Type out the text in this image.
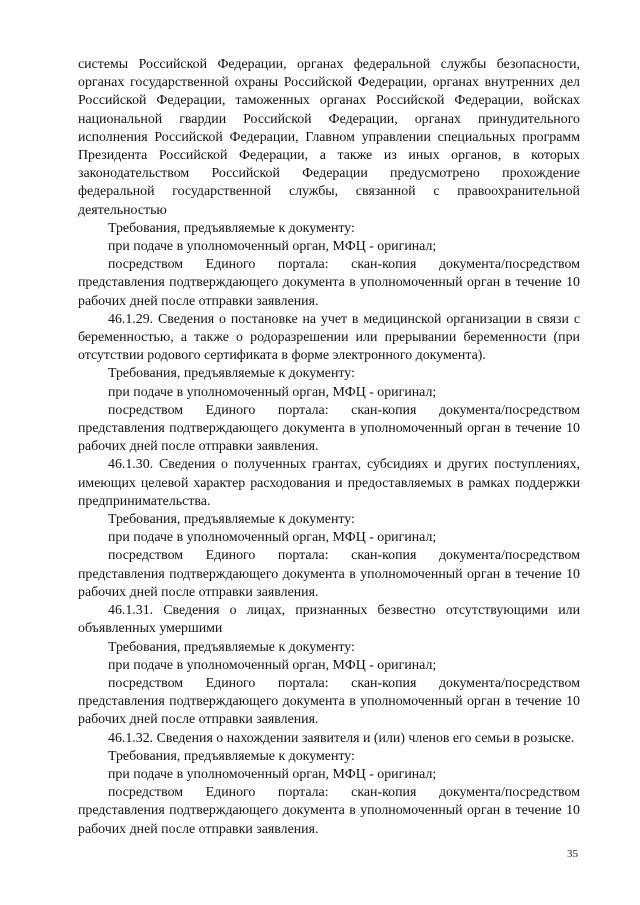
системы Российской Федерации, органах федеральной службы безопасности, органах государственной охраны Российской Федерации, органах внутренних дел Российской Федерации, таможенных органах Российской Федерации, войсках национальной гвардии Российской Федерации, органах принудительного исполнения Российской Федерации, Главном управлении специальных программ Президента Российской Федерации, а также из иных органов, в которых законодательством Российской Федерации предусмотрено прохождение федеральной государственной службы, связанной с правоохранительной деятельностью

Требования, предъявляемые к документу:

при подаче в уполномоченный орган, МФЦ - оригинал;

посредством Единого портала: скан-копия документа/посредством представления подтверждающего документа в уполномоченный орган в течение 10 рабочих дней после отправки заявления.

46.1.29. Сведения о постановке на учет в медицинской организации в связи с беременностью, а также о родоразрешении или прерывании беременности (при отсутствии родового сертификата в форме электронного документа).

Требования, предъявляемые к документу:

при подаче в уполномоченный орган, МФЦ - оригинал;

посредством Единого портала: скан-копия документа/посредством представления подтверждающего документа в уполномоченный орган в течение 10 рабочих дней после отправки заявления.

46.1.30. Сведения о полученных грантах, субсидиях и других поступлениях, имеющих целевой характер расходования и предоставляемых в рамках поддержки предпринимательства.

Требования, предъявляемые к документу:

при подаче в уполномоченный орган, МФЦ - оригинал;

посредством Единого портала: скан-копия документа/посредством представления подтверждающего документа в уполномоченный орган в течение 10 рабочих дней после отправки заявления.

46.1.31. Сведения о лицах, признанных безвестно отсутствующими или объявленных умершими

Требования, предъявляемые к документу:

при подаче в уполномоченный орган, МФЦ - оригинал;

посредством Единого портала: скан-копия документа/посредством представления подтверждающего документа в уполномоченный орган в течение 10 рабочих дней после отправки заявления.

46.1.32. Сведения о нахождении заявителя и (или) членов его семьи в розыске.

Требования, предъявляемые к документу:

при подаче в уполномоченный орган, МФЦ - оригинал;

посредством Единого портала: скан-копия документа/посредством представления подтверждающего документа в уполномоченный орган в течение 10 рабочих дней после отправки заявления.

35
